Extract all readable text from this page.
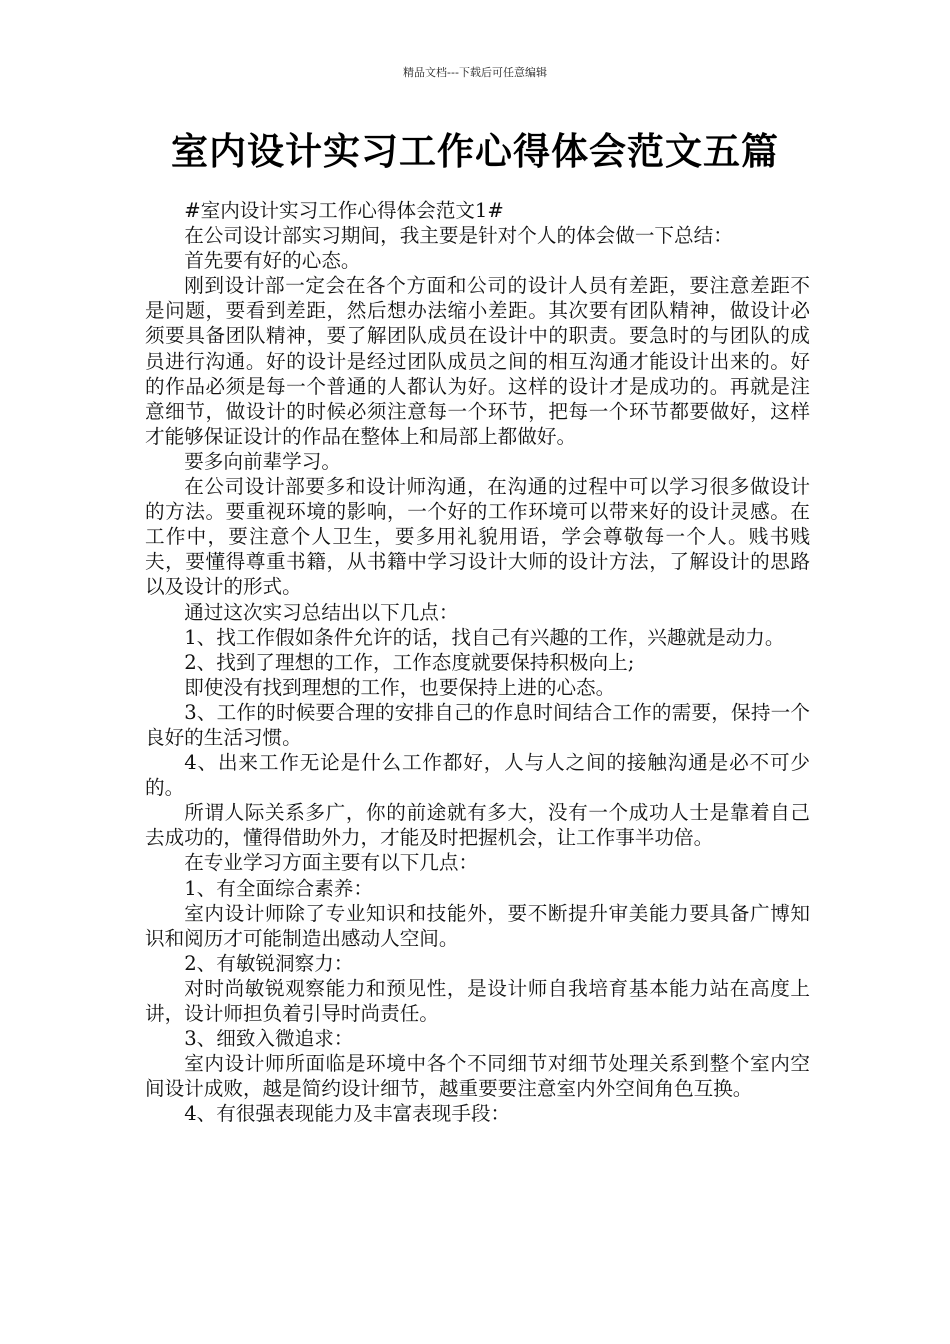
精品文档---下载后可任意编辑
室内设计实习工作心得体会范文五篇

#室内设计实习工作心得体会范文1#

在公司设计部实习期间，我主要是针对个人的体会做一下总结：

首先要有好的心态。

刚到设计部一定会在各个方面和公司的设计人员有差距，要注意差距不是问题，要看到差距，然后想办法缩小差距。其次要有团队精神，做设计必须要具备团队精神，要了解团队成员在设计中的职责。要急时的与团队的成员进行沟通。好的设计是经过团队成员之间的相互沟通才能设计出来的。好的作品必须是每一个普通的人都认为好。这样的设计才是成功的。再就是注意细节，做设计的时候必须注意每一个环节，把每一个环节都要做好，这样才能够保证设计的作品在整体上和局部上都做好。

要多向前辈学习。

在公司设计部要多和设计师沟通，在沟通的过程中可以学习很多做设计的方法。要重视环境的影响，一个好的工作环境可以带来好的设计灵感。在工作中，要注意个人卫生，要多用礼貌用语，学会尊敬每一个人。贱书贱夫，要懂得尊重书籍，从书籍中学习设计大师的设计方法，了解设计的思路以及设计的形式。

通过这次实习总结出以下几点：

1、找工作假如条件允许的话，找自己有兴趣的工作，兴趣就是动力。

2、找到了理想的工作，工作态度就要保持积极向上;

即使没有找到理想的工作，也要保持上进的心态。

3、工作的时候要合理的安排自己的作息时间结合工作的需要，保持一个良好的生活习惯。

4、出来工作无论是什么工作都好，人与人之间的接触沟通是必不可少的。

所谓人际关系多广，你的前途就有多大，没有一个成功人士是靠着自己去成功的，懂得借助外力，才能及时把握机会，让工作事半功倍。

在专业学习方面主要有以下几点：

1、有全面综合素养：

室内设计师除了专业知识和技能外，要不断提升审美能力要具备广博知识和阅历才可能制造出感动人空间。

2、有敏锐洞察力：

对时尚敏锐观察能力和预见性，是设计师自我培育基本能力站在高度上讲，设计师担负着引导时尚责任。

3、细致入微追求：

室内设计师所面临是环境中各个不同细节对细节处理关系到整个室内空间设计成败，越是简约设计细节，越重要要注意室内外空间角色互换。

4、有很强表现能力及丰富表现手段：
